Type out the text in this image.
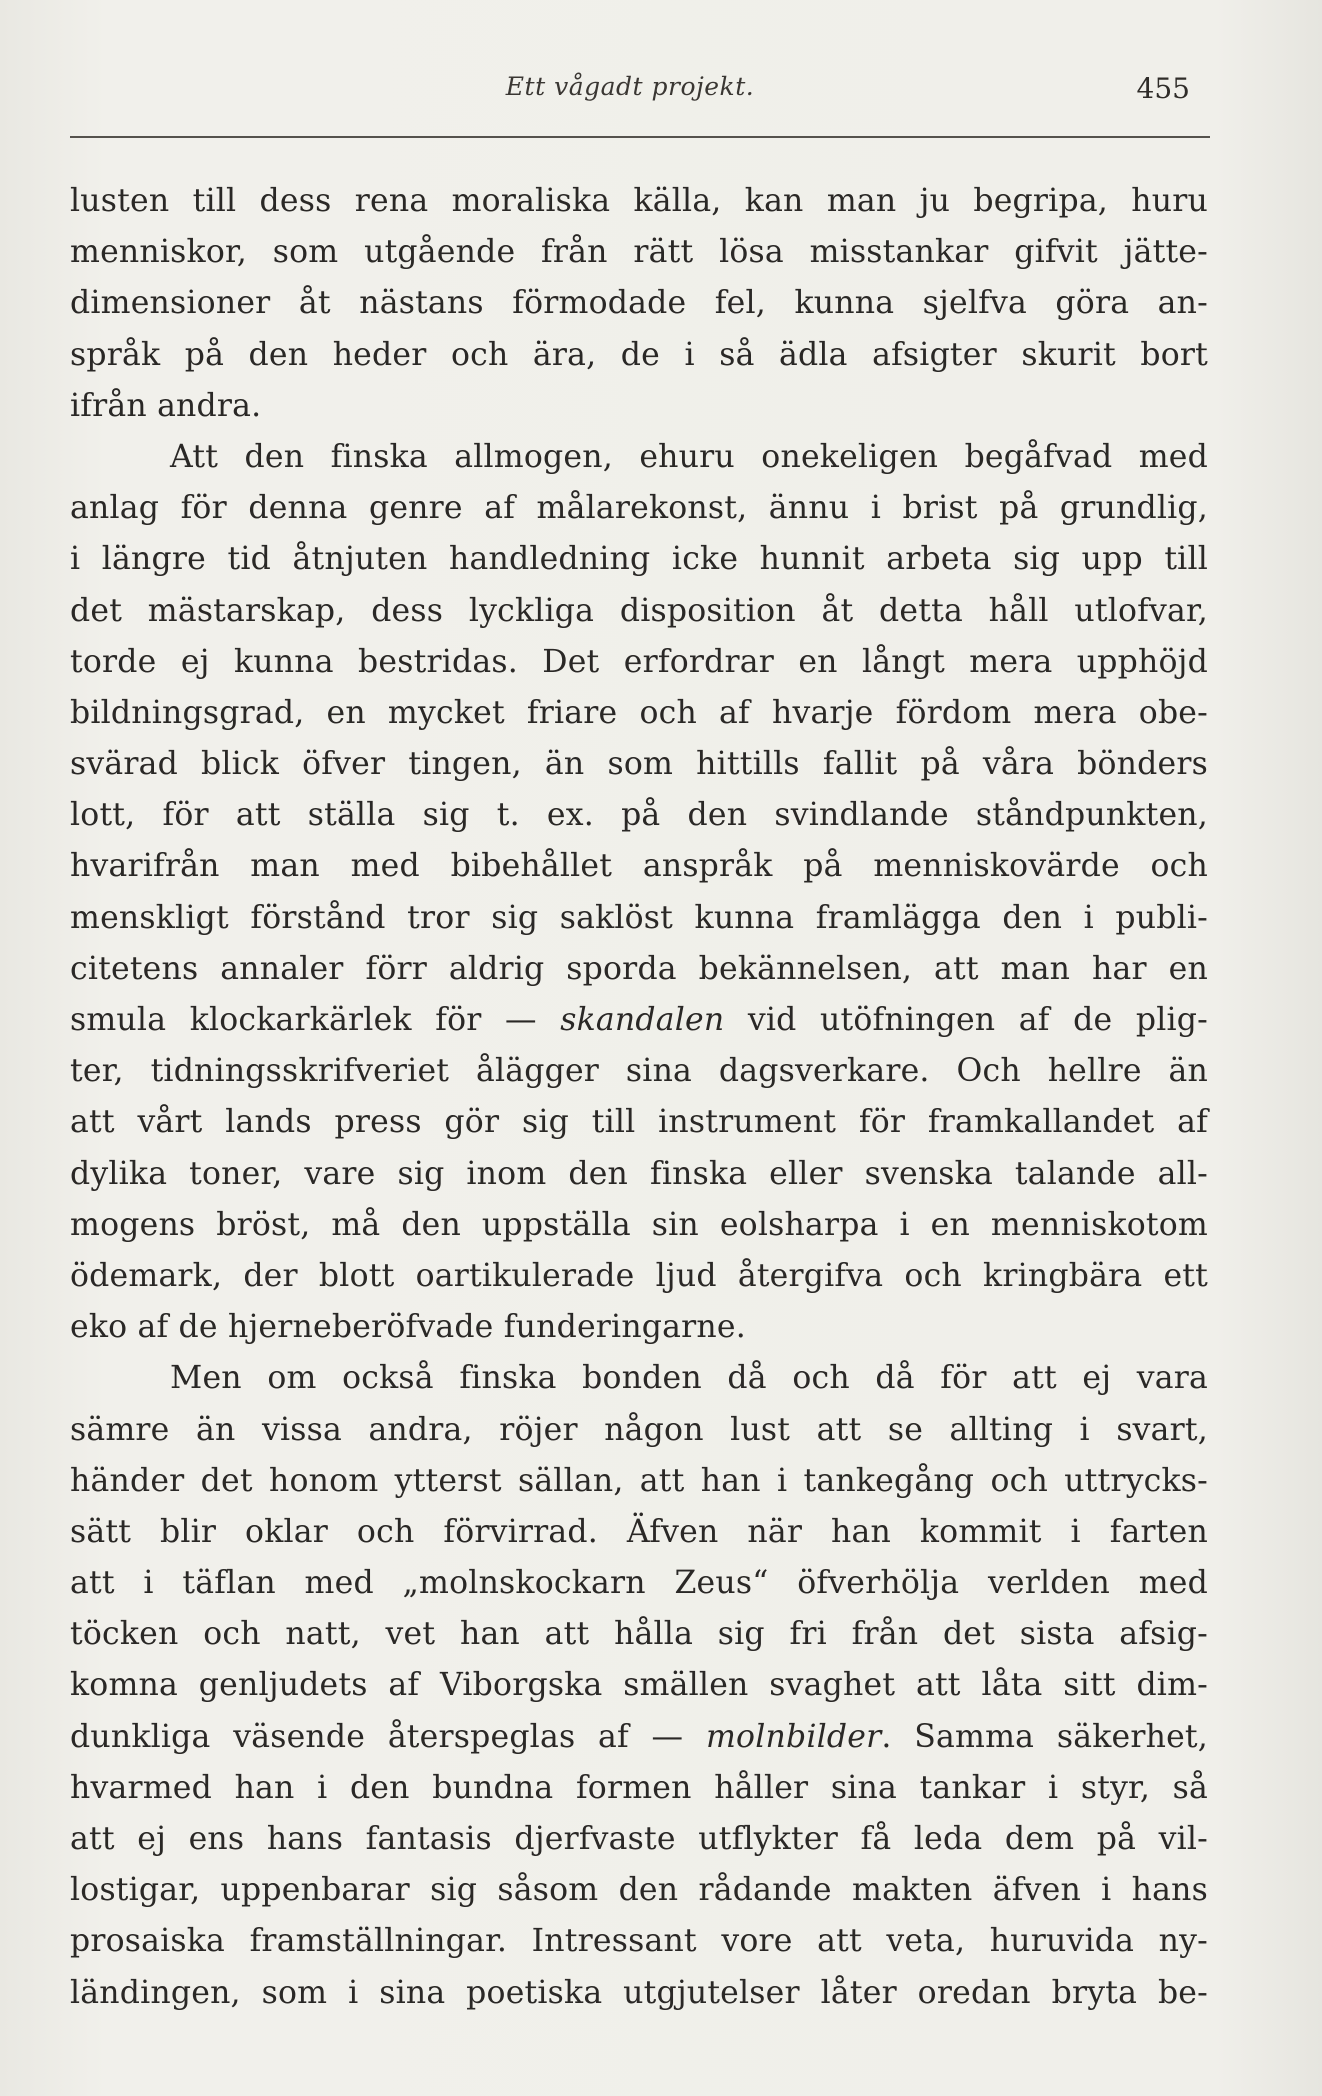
Ett vågadt projekt.	455
lusten till dess rena moraliska källa, kan man ju begripa, huru
menniskor, som utgående från rätt lösa misstankar gifvit jätte-
dimensioner åt nästans förmodade fel, kunna sjelfva göra an-
språk på den heder och ära, de i så ädla afsigter skurit bort
ifrån andra.
Att den finska allmogen, ehuru onekeligen begåfvad med
anlag för denna genre af målarekonst, ännu i brist på grundlig,
i längre tid åtnjuten handledning icke hunnit arbeta sig upp till
det mästarskap, dess lyckliga disposition åt detta håll utlofvar,
torde ej kunna bestridas. Det erfordrar en långt mera upphöjd
bildningsgrad, en mycket friare och af hvarje fördom mera obe-
svärad blick öfver tingen, än som hittills fallit på våra bönders
lott, för att ställa sig t. ex. på den svindlande ståndpunkten,
hvarifrån man med bibehållet anspråk på menniskovärde och
menskligt förstånd tror sig saklöst kunna framlägga den i publi-
citetens annaler förr aldrig sporda bekännelsen, att man har en
smula klockarkärlek för — skandalen vid utöfningen af de plig-
ter, tidningsskrifveriet ålägger sina dagsverkare. Och hellre än
att vårt lands press gör sig till instrument för framkallandet af
dylika toner, vare sig inom den finska eller svenska talande all-
mogens bröst, må den uppställa sin eolsharpa i en menniskotom
ödemark, der blott oartikulerade ljud återgifva och kringbära ett
eko af de hjerneberöfvade funderingarne.
Men om också finska bonden då och då för att ej vara
sämre än vissa andra, röjer någon lust att se allting i svart,
händer det honom ytterst sällan, att han i tankegång och uttrycks-
sätt blir oklar och förvirrad. Äfven när han kommit i farten
att i täflan med „molnskockarn Zeus“ öfverhölja verlden med
töcken och natt, vet han att hålla sig fri från det sista afsig-
komna genljudets af Viborgska smällen svaghet att låta sitt dim-
dunkliga väsende återspeglas af — molnbilder. Samma säkerhet,
hvarmed han i den bundna formen håller sina tankar i styr, så
att ej ens hans fantasis djerfvaste utflykter få leda dem på vil-
lostigar, uppenbarar sig såsom den rådande makten äfven i hans
prosaiska framställningar. Intressant vore att veta, huruvida ny-
ländingen, som i sina poetiska utgjutelser låter oredan bryta be-
